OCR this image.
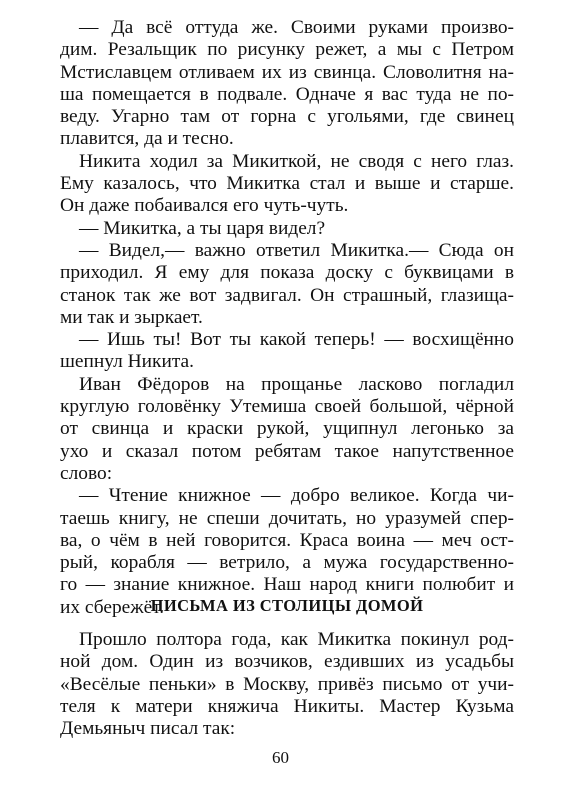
— Да всё оттуда же. Своими руками произво-
дим. Резальщик по рисунку режет, а мы с Петром
Мстиславцем отливаем их из свинца. Словолитня на-
ша помещается в подвале. Одначе я вас туда не по-
веду. Угарно там от горна с угольями, где свинец
плавится, да и тесно.
Никита ходил за Микиткой, не сводя с него глаз.
Ему казалось, что Микитка стал и выше и старше.
Он даже побаивался его чуть-чуть.
— Микитка, а ты царя видел?
— Видел,— важно ответил Микитка.— Сюда он
приходил. Я ему для показа доску с буквицами в
станок так же вот задвигал. Он страшный, глазища-
ми так и зыркает.
— Ишь ты! Вот ты какой теперь! — восхищённо
шепнул Никита.
Иван Фёдоров на прощанье ласково погладил
круглую головёнку Утемиша своей большой, чёрной
от свинца и краски рукой, ущипнул легонько за
ухо и сказал потом ребятам такое напутственное
слово:
— Чтение книжное — добро великое. Когда чи-
таешь книгу, не спеши дочитать, но уразумей спер-
ва, о чём в ней говорится. Краса воина — меч ост-
рый, корабля — ветрило, а мужа государственно-
го — знание книжное. Наш народ книги полюбит и
их сбережёт.
ПИСЬМА ИЗ СТОЛИЦЫ ДОМОЙ
Прошло полтора года, как Микитка покинул род-
ной дом. Один из возчиков, ездивших из усадьбы
«Весёлые пеньки» в Москву, привёз письмо от учи-
теля к матери княжича Никиты. Мастер Кузьма
Демьяныч писал так:
60
